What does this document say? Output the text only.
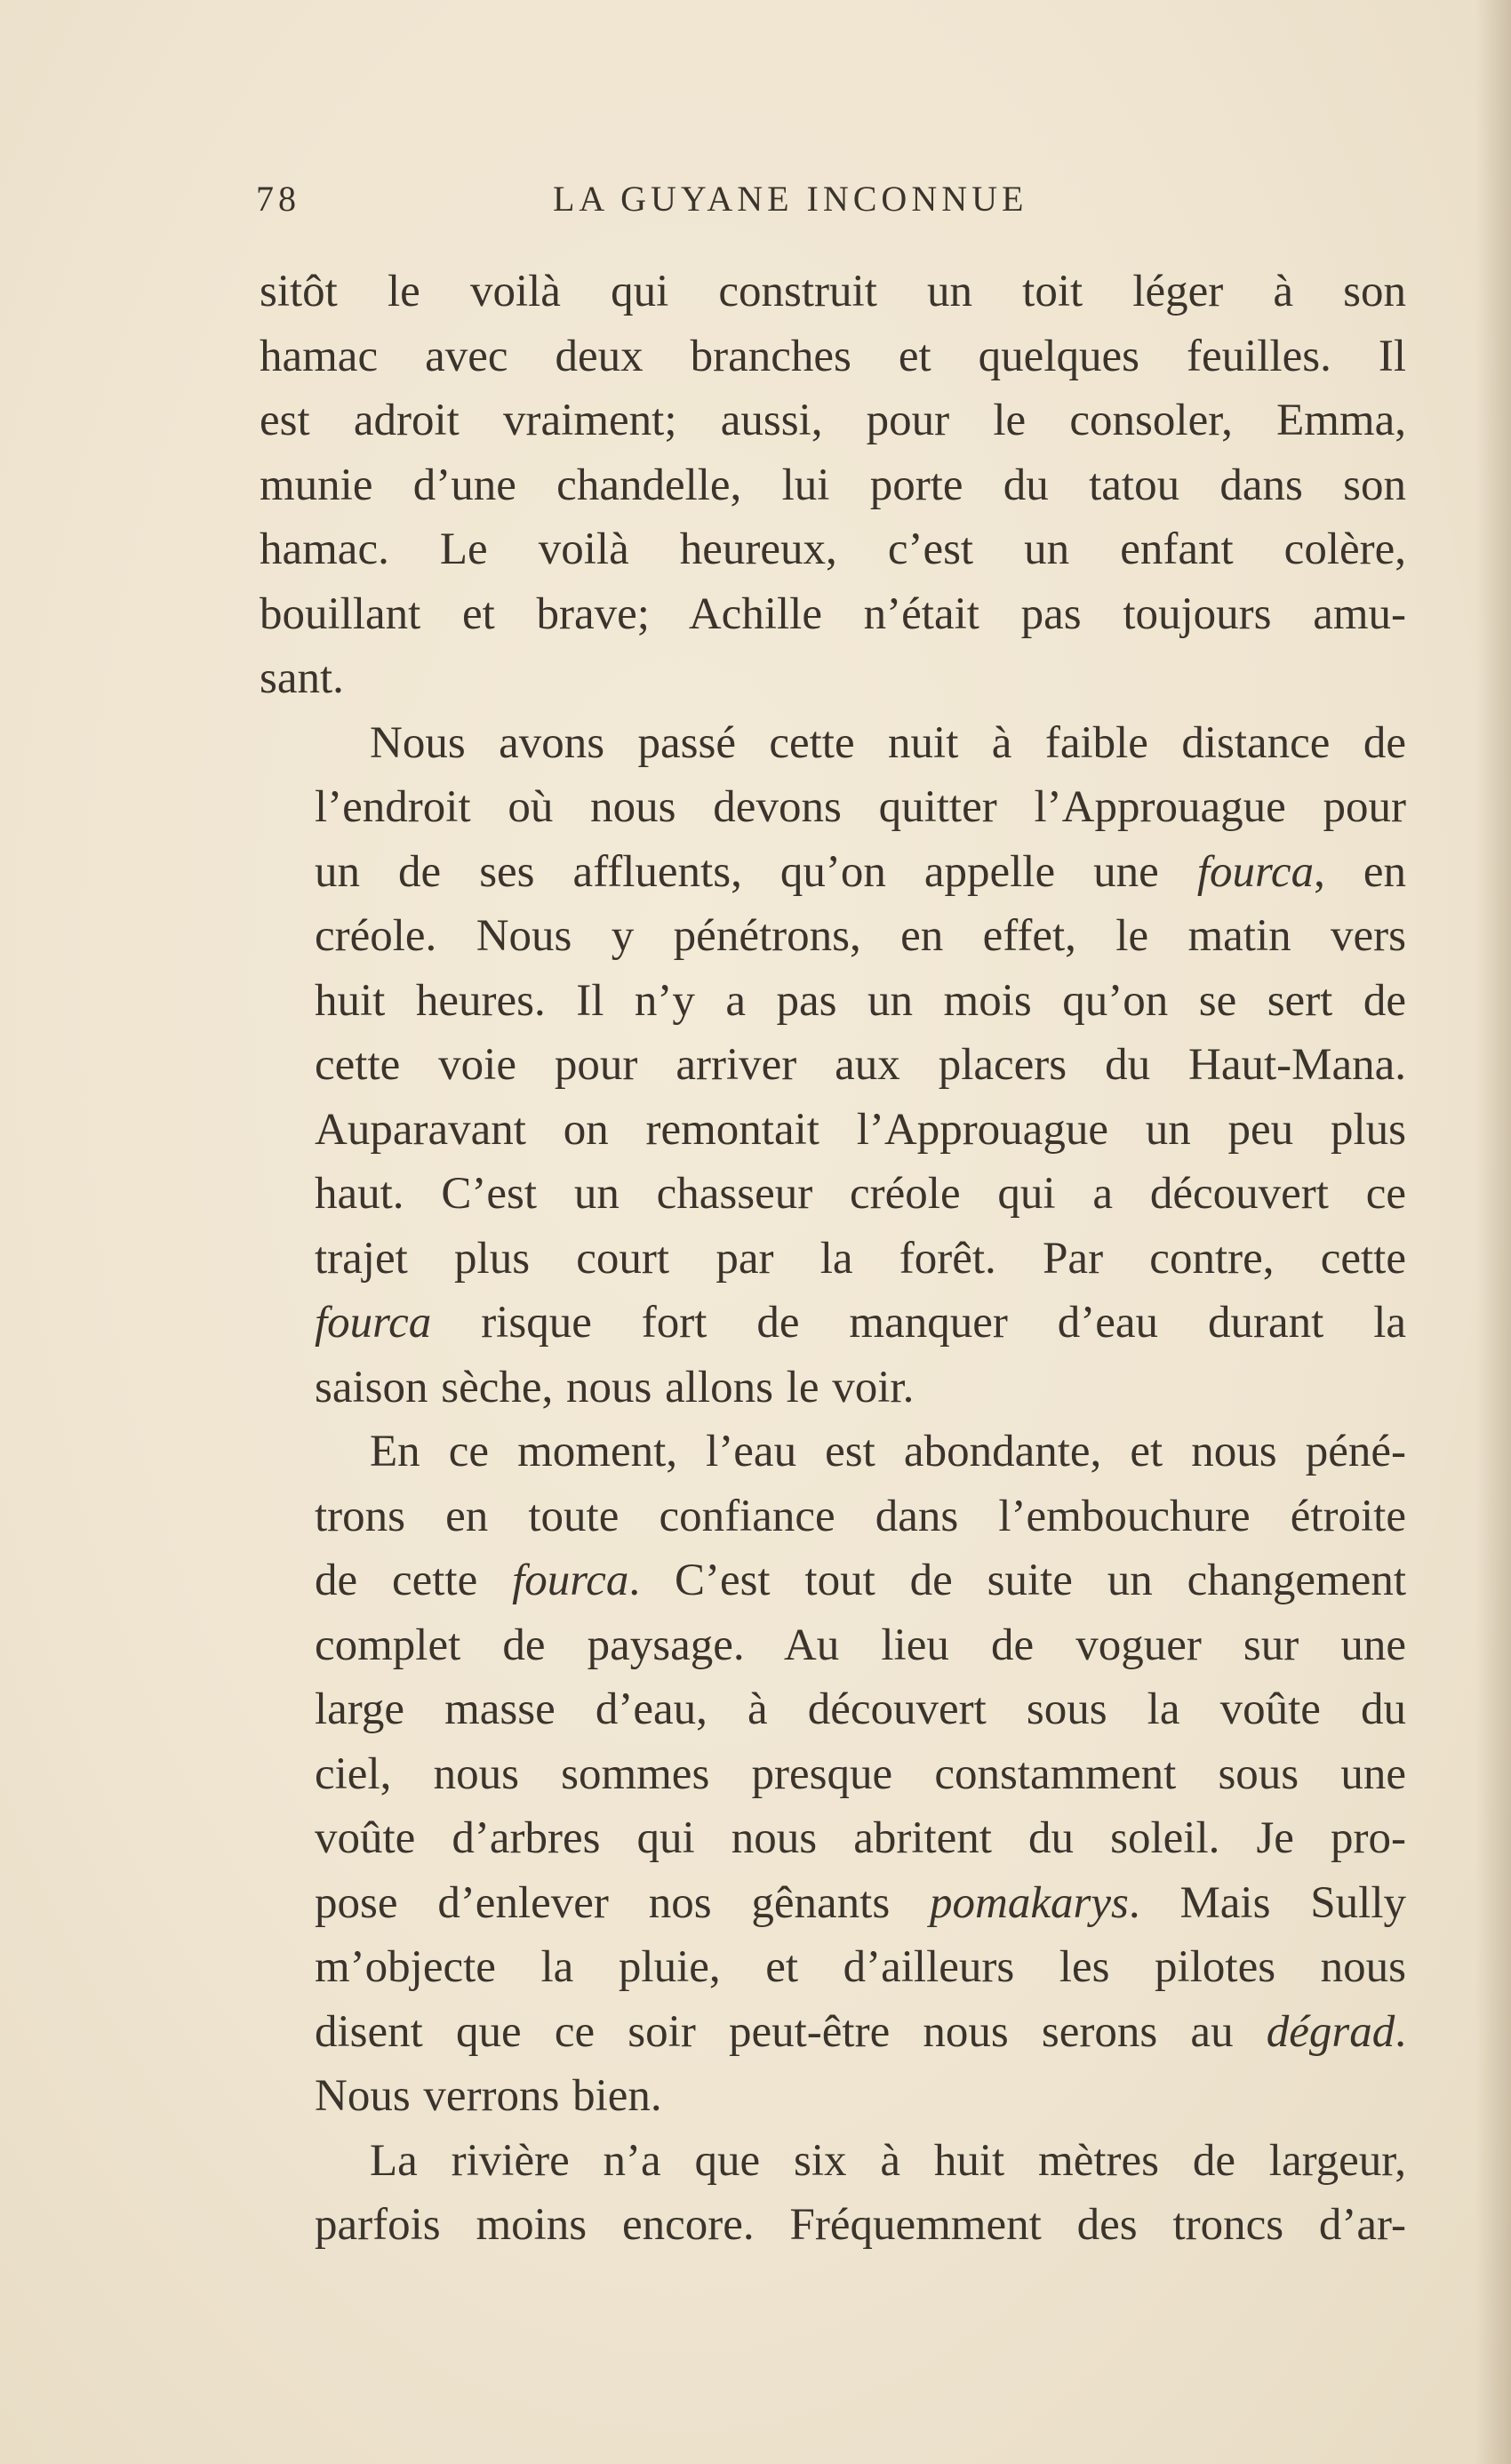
78	LA GUYANE INCONNUE

sitôt le voilà qui construit un toit léger à son
hamac avec deux branches et quelques feuilles. Il
est adroit vraiment; aussi, pour le consoler, Emma,
munie d’une chandelle, lui porte du tatou dans son
hamac. Le voilà heureux, c’est un enfant colère,
bouillant et brave; Achille n’était pas toujours amu-
sant.

Nous avons passé cette nuit à faible distance de
l’endroit où nous devons quitter l’Approuague pour
un de ses affluents, qu’on appelle une fourca, en
créole. Nous y pénétrons, en effet, le matin vers
huit heures. Il n’y a pas un mois qu’on se sert de
cette voie pour arriver aux placers du Haut-Mana.
Auparavant on remontait l’Approuague un peu plus
haut. C’est un chasseur créole qui a découvert ce
trajet plus court par la forêt. Par contre, cette
fourca risque fort de manquer d’eau durant la
saison sèche, nous allons le voir.

En ce moment, l’eau est abondante, et nous péné-
trons en toute confiance dans l’embouchure étroite
de cette fourca. C’est tout de suite un changement
complet de paysage. Au lieu de voguer sur une
large masse d’eau, à découvert sous la voûte du
ciel, nous sommes presque constamment sous une
voûte d’arbres qui nous abritent du soleil. Je pro-
pose d’enlever nos gênants pomakarys. Mais Sully
m’objecte la pluie, et d’ailleurs les pilotes nous
disent que ce soir peut-être nous serons au dégrad.
Nous verrons bien.

La rivière n’a que six à huit mètres de largeur,
parfois moins encore. Fréquemment des troncs d’ar-
